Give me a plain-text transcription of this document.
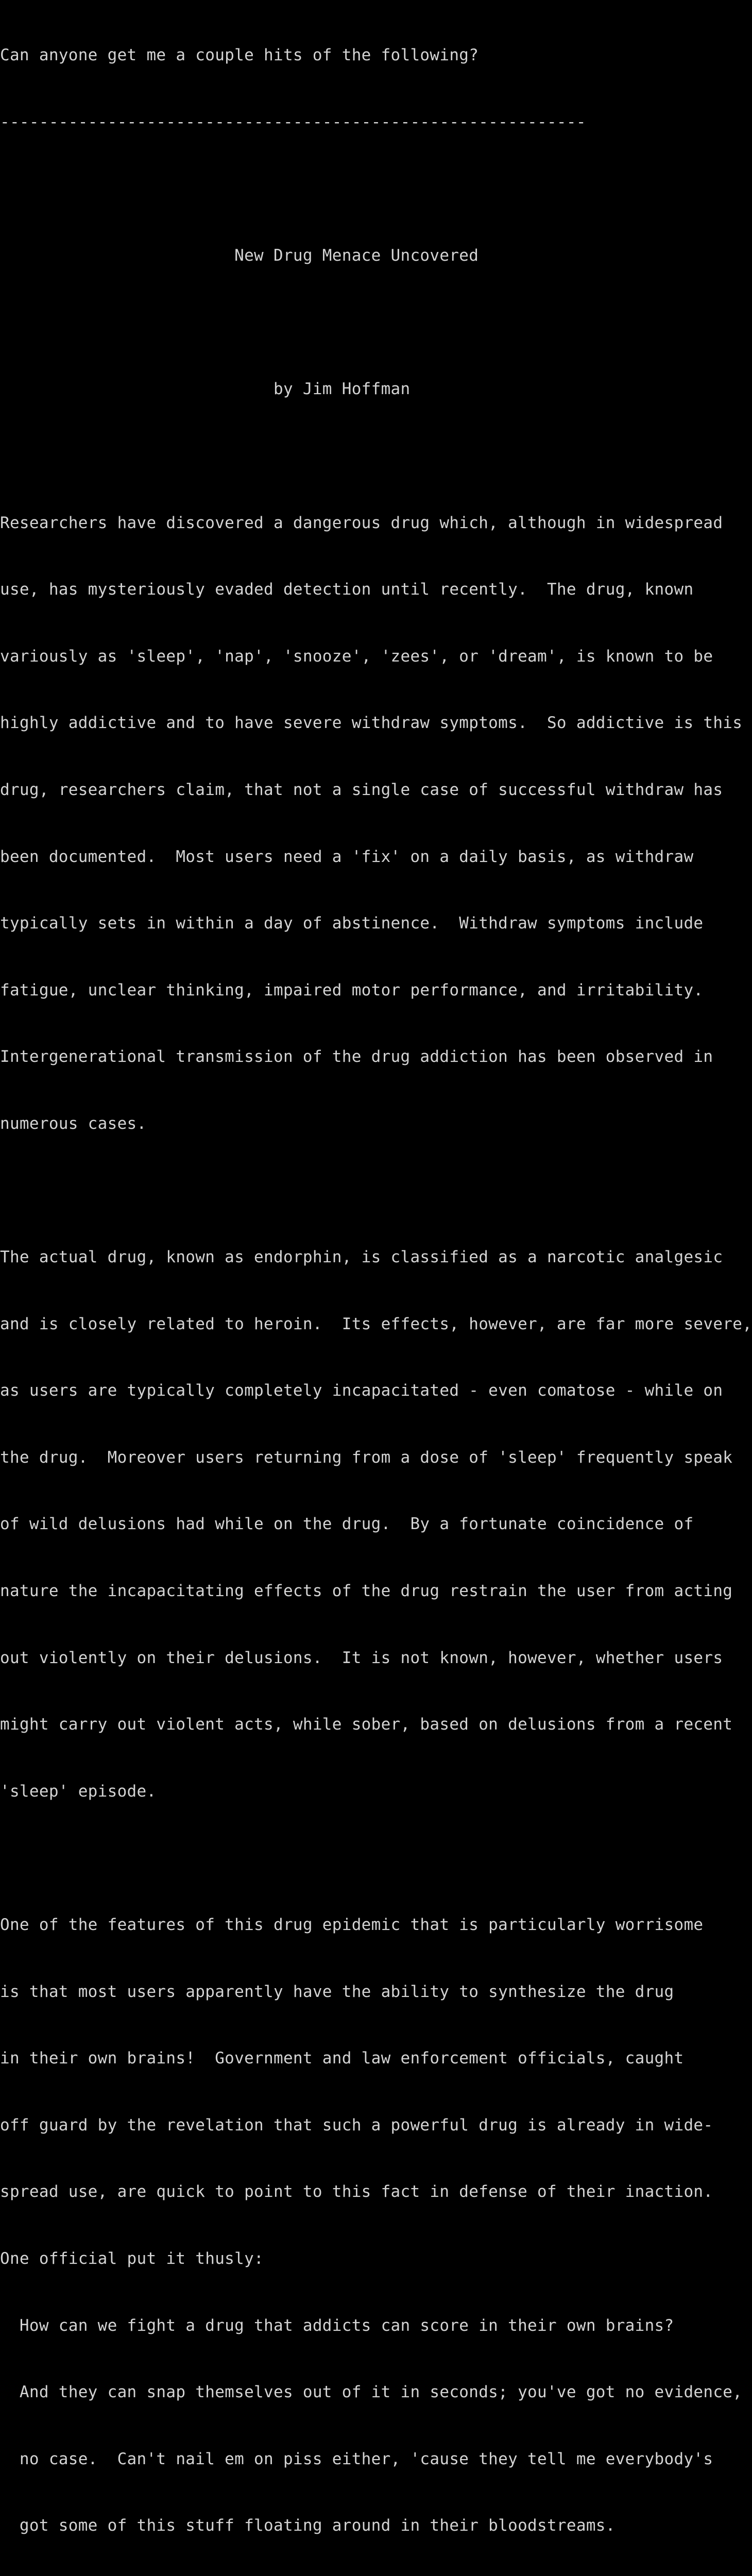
Can anyone get me a couple hits of the following?

------------------------------------------------------------

New Drug Menace Uncovered

by Jim Hoffman

Researchers have discovered a dangerous drug which, although in widespread

use, has mysteriously evaded detection until recently.  The drug, known

variously as 'sleep', 'nap', 'snooze', 'zees', or 'dream', is known to be

highly addictive and to have severe withdraw symptoms.  So addictive is this

drug, researchers claim, that not a single case of successful withdraw has

been documented.  Most users need a 'fix' on a daily basis, as withdraw

typically sets in within a day of abstinence.  Withdraw symptoms include

fatigue, unclear thinking, impaired motor performance, and irritability.

Intergenerational transmission of the drug addiction has been observed in

numerous cases.

The actual drug, known as endorphin, is classified as a narcotic analgesic

and is closely related to heroin.  Its effects, however, are far more severe,

as users are typically completely incapacitated - even comatose - while on

the drug.  Moreover users returning from a dose of 'sleep' frequently speak

of wild delusions had while on the drug.  By a fortunate coincidence of

nature the incapacitating effects of the drug restrain the user from acting

out violently on their delusions.  It is not known, however, whether users

might carry out violent acts, while sober, based on delusions from a recent

'sleep' episode.

One of the features of this drug epidemic that is particularly worrisome

is that most users apparently have the ability to synthesize the drug

in their own brains!  Government and law enforcement officials, caught

off guard by the revelation that such a powerful drug is already in wide-

spread use, are quick to point to this fact in defense of their inaction.

One official put it thusly:

How can we fight a drug that addicts can score in their own brains?

And they can snap themselves out of it in seconds; you've got no evidence,

no case.  Can't nail em on piss either, 'cause they tell me everybody's

got some of this stuff floating around in their bloodstreams.
